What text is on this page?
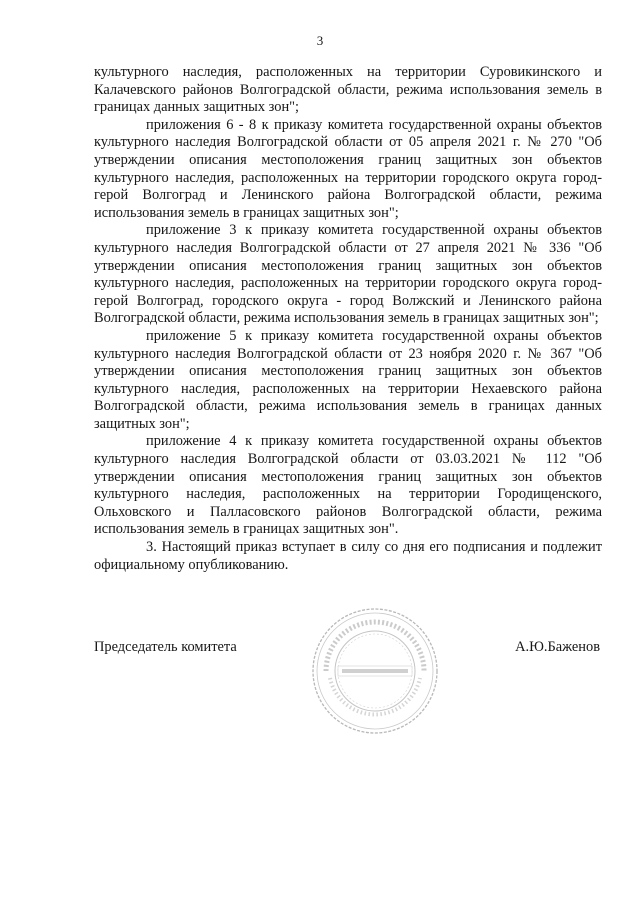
3

культурного наследия, расположенных на территории Суровикинского и Калачевского районов Волгоградской области, режима использования земель в границах данных защитных зон";

приложения 6 - 8 к приказу комитета государственной охраны объектов культурного наследия Волгоградской области от 05 апреля 2021 г. № 270 "Об утверждении описания местоположения границ защитных зон объектов культурного наследия, расположенных на территории городского округа город-герой Волгоград и Ленинского района Волгоградской области, режима использования земель в границах защитных зон";

приложение 3 к приказу комитета государственной охраны объектов культурного наследия Волгоградской области от 27 апреля 2021 № 336 "Об утверждении описания местоположения границ защитных зон объектов культурного наследия, расположенных на территории городского округа город-герой Волгоград, городского округа - город Волжский и Ленинского района Волгоградской области, режима использования земель в границах защитных зон";

приложение 5 к приказу комитета государственной охраны объектов культурного наследия Волгоградской области от 23 ноября 2020 г. № 367 "Об утверждении описания местоположения границ защитных зон объектов культурного наследия, расположенных на территории Нехаевского района Волгоградской области, режима использования земель в границах данных защитных зон";

приложение 4 к приказу комитета государственной охраны объектов культурного наследия Волгоградской области от 03.03.2021 № 112 "Об утверждении описания местоположения границ защитных зон объектов культурного наследия, расположенных на территории Городищенского, Ольховского и Палласовского районов Волгоградской области, режима использования земель в границах защитных зон".

3. Настоящий приказ вступает в силу со дня его подписания и подлежит официальному опубликованию.

Председатель комитета	А.Ю.Баженов
